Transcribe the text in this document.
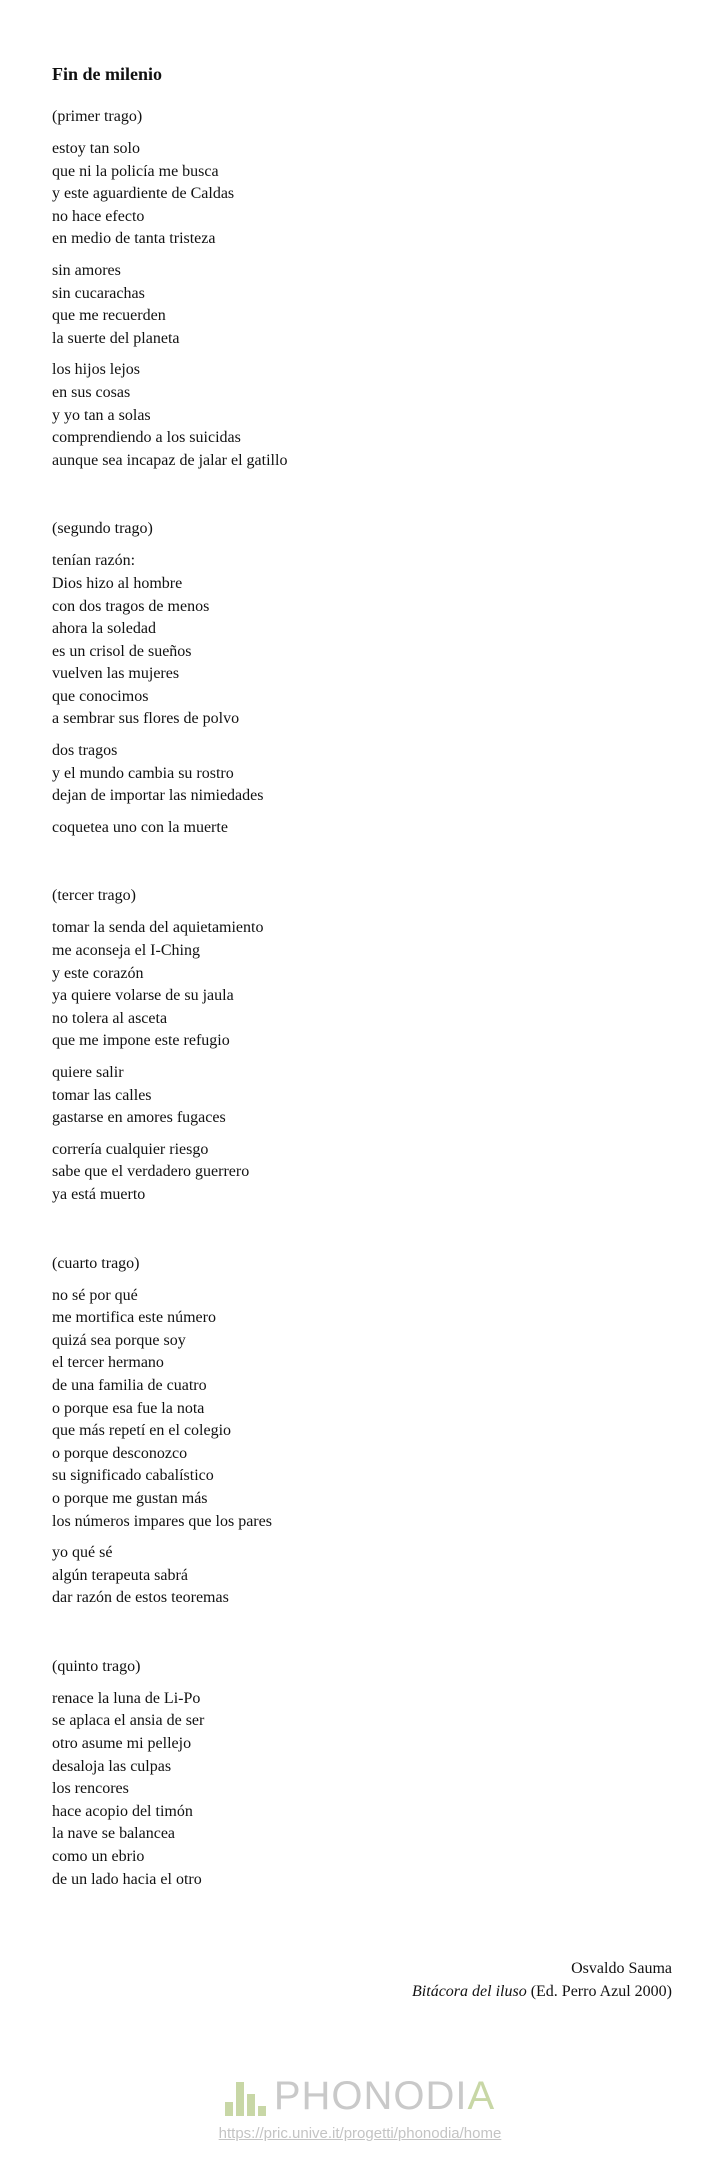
Fin de milenio
(primer trago)
estoy tan solo
que ni la policía me busca
y este aguardiente de Caldas
no hace efecto
en medio de tanta tristeza
sin amores
sin cucarachas
que me recuerden
la suerte del planeta
los hijos lejos
en sus cosas
y yo tan a solas
comprendiendo a los suicidas
aunque sea incapaz de jalar el gatillo
(segundo trago)
tenían razón:
Dios hizo al hombre
con dos tragos de menos
ahora la soledad
es un crisol de sueños
vuelven las mujeres
que conocimos
a sembrar sus flores de polvo
dos tragos
y el mundo cambia su rostro
dejan de importar las nimiedades
coquetea uno con la muerte
(tercer trago)
tomar la senda del aquietamiento
me aconseja el I-Ching
y este corazón
ya quiere volarse de su jaula
no tolera al asceta
que me impone este refugio
quiere salir
tomar las calles
gastarse en amores fugaces
correría cualquier riesgo
sabe que el verdadero guerrero
ya está muerto
(cuarto trago)
no sé por qué
me mortifica este número
quizá sea porque soy
el tercer hermano
de una familia de cuatro
o porque esa fue la nota
que más repetí en el colegio
o porque desconozco
su significado cabalístico
o porque me gustan más
los números impares que los pares
yo qué sé
algún terapeuta sabrá
dar razón de estos teoremas
(quinto trago)
renace la luna de Li-Po
se aplaca el ansia de ser
otro asume mi pellejo
desaloja las culpas
los rencores
hace acopio del timón
la nave se balancea
como un ebrio
de un lado hacia el otro
Osvaldo Sauma
Bitácora del iluso (Ed. Perro Azul 2000)
PHONODIA
https://pric.unive.it/progetti/phonodia/home
